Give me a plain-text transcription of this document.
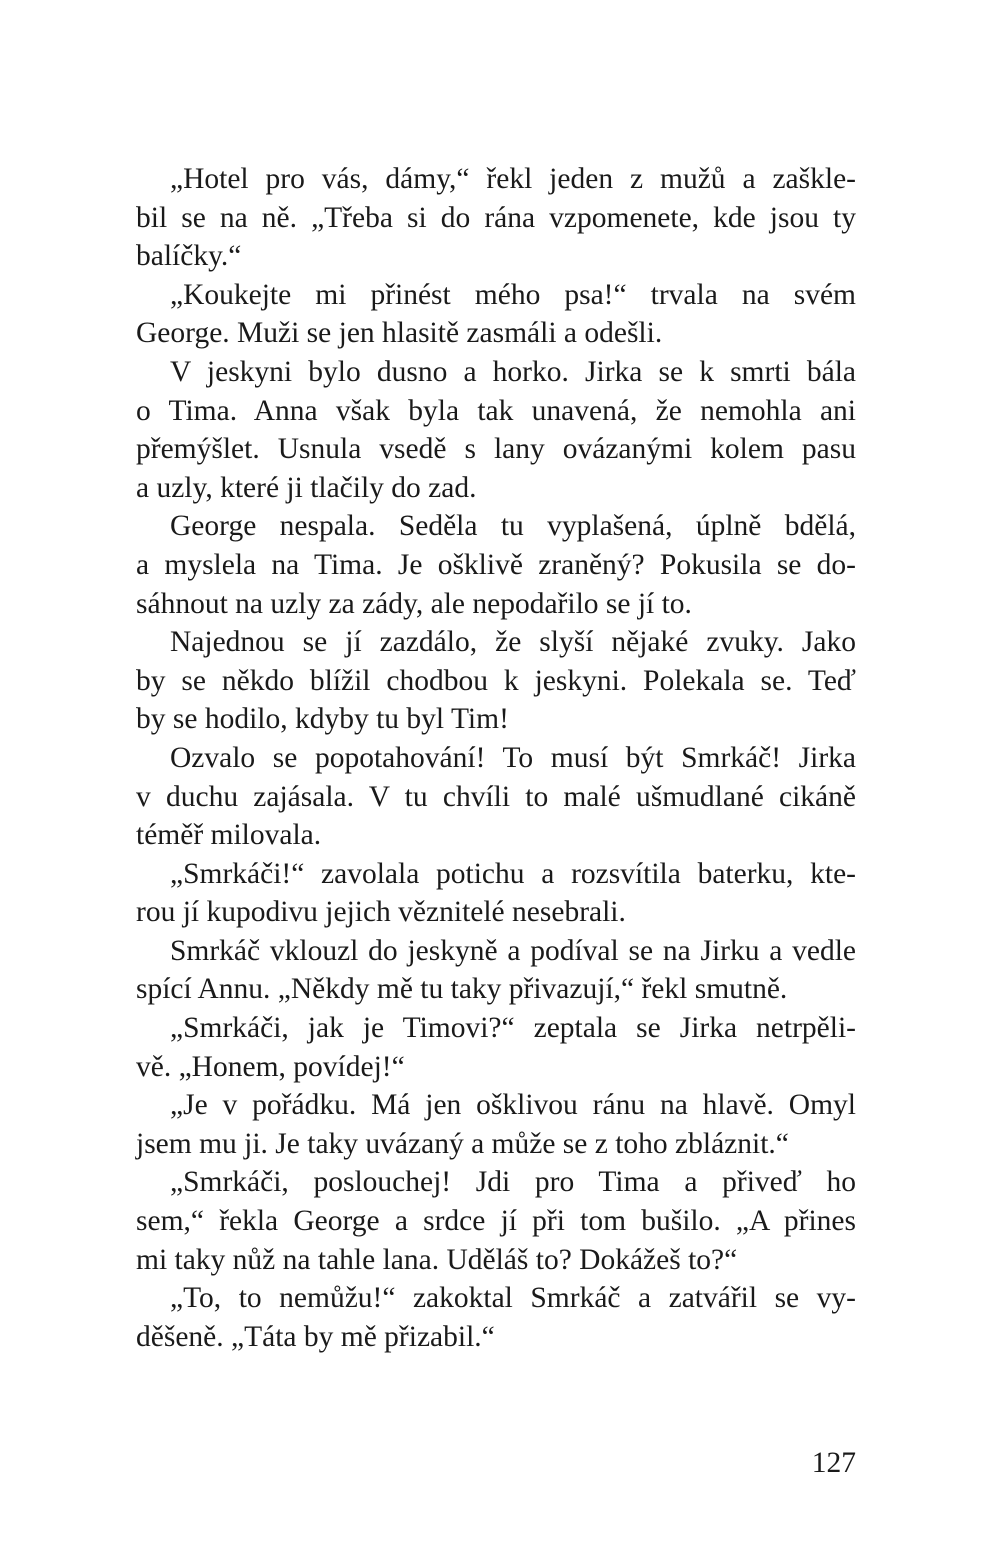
„Hotel pro vás, dámy,“ řekl jeden z mužů a zaškle-
bil se na ně. „Třeba si do rána vzpomenete, kde jsou ty
balíčky.“
„Koukejte mi přinést mého psa!“ trvala na svém
George. Muži se jen hlasitě zasmáli a odešli.
V jeskyni bylo dusno a horko. Jirka se k smrti bála
o Tima. Anna však byla tak unavená, že nemohla ani
přemýšlet. Usnula vsedě s lany ovázanými kolem pasu
a uzly, které ji tlačily do zad.
George nespala. Seděla tu vyplašená, úplně bdělá,
a myslela na Tima. Je ošklivě zraněný? Pokusila se do-
sáhnout na uzly za zády, ale nepodařilo se jí to.
Najednou se jí zazdálo, že slyší nějaké zvuky. Jako
by se někdo blížil chodbou k jeskyni. Polekala se. Teď
by se hodilo, kdyby tu byl Tim!
Ozvalo se popotahování! To musí být Smrkáč! Jirka
v duchu zajásala. V tu chvíli to malé ušmudlané cikáně
téměř milovala.
„Smrkáči!“ zavolala potichu a rozsvítila baterku, kte-
rou jí kupodivu jejich věznitelé nesebrali.
Smrkáč vklouzl do jeskyně a podíval se na Jirku a vedle
spící Annu. „Někdy mě tu taky přivazují,“ řekl smutně.
„Smrkáči, jak je Timovi?“ zeptala se Jirka netrpěli-
vě. „Honem, povídej!“
„Je v pořádku. Má jen ošklivou ránu na hlavě. Omyl
jsem mu ji. Je taky uvázaný a může se z toho zbláznit.“
„Smrkáči, poslouchej! Jdi pro Tima a přiveď ho
sem,“ řekla George a srdce jí při tom bušilo. „A přines
mi taky nůž na tahle lana. Uděláš to? Dokážeš to?“
„To, to nemůžu!“ zakoktal Smrkáč a zatvářil se vy-
děšeně. „Táta by mě přizabil.“
127
